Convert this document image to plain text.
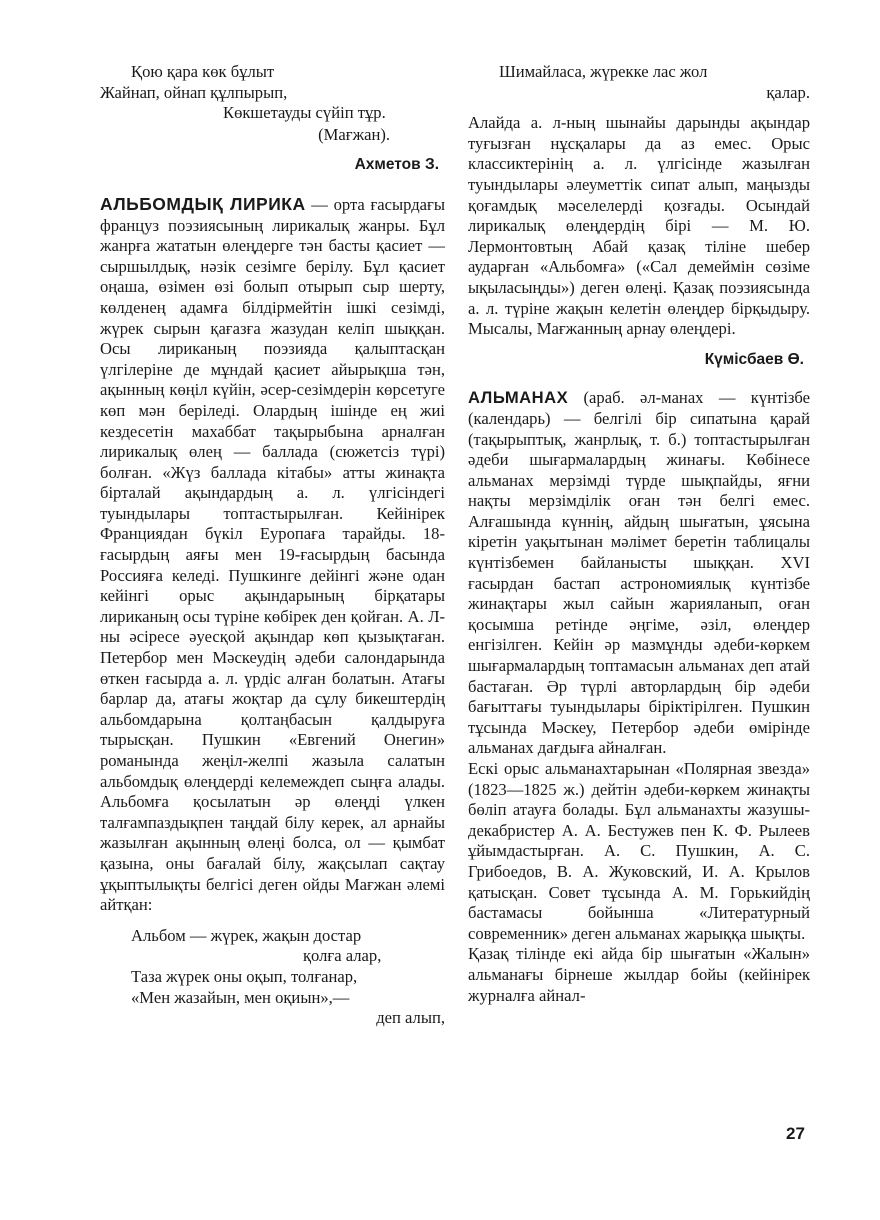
Қою қара көк бұлыт

Жайнап, ойнап құлпырып,

Көкшетауды сүйіп тұр.

(Мағжан).

Ахметов З.

АЛЬБОМДЫҚ ЛИРИКА — орта ғасырдағы француз поэзиясының лирикалық жанры. Бұл жанрға жататын өлеңдерге тән басты қасиет — сыршылдық, нәзік сезімге берілу. Бұл қасиет оңаша, өзімен өзі болып отырып сыр шерту, көлденең адамға білдірмейтін ішкі сезімді, жүрек сырын қағазға жазудан келіп шыққан. Осы лириканың поэзияда қалыптасқан үлгілеріне де мұндай қасиет айырықша тән, ақынның көңіл күйін, әсер-сезімдерін көрсетуге көп мән беріледі. Олардың ішінде ең жиі кездесетін махаббат тақырыбына арналған лирикалық өлең — баллада (сюжетсіз түрі) болған. «Жүз баллада кітабы» атты жинақта бірталай ақындардың а. л. үлгісіндегі туындылары топтастырылған. Кейінірек Франциядан бүкіл Еуропаға тарайды. 18-ғасырдың аяғы мен 19-ғасырдың басында Россияға келеді. Пушкинге дейінгі және одан кейінгі орыс ақындарының бірқатары лириканың осы түріне көбірек ден қойған. А. Л-ны әсіресе әуесқой ақындар көп қызықтаған. Петербор мен Мәскеудің әдеби салондарында өткен ғасырда а. л. үрдіс алған болатын. Атағы барлар да, атағы жоқтар да сұлу бикештердің альбомдарына қолтаңбасын қалдыруға тырысқан. Пушкин «Евгений Онегин» романында жеңіл-желпі жазыла салатын альбомдық өлеңдерді келемеждеп сыңға алады. Альбомға қосылатын әр өлеңді үлкен талғампаздықпен таңдай білу керек, ал арнайы жазылған ақынның өлеңі болса, ол — қымбат қазына, оны бағалай білу, жақсылап сақтау ұқыптылықты белгісі деген ойды Мағжан әлемі айтқан:

Альбом — жүрек, жақын достар

қолға алар,

Таза жүрек оны оқып, толғанар,

«Мен жазайын, мен оқиын»,—

деп алып,

Шимайласа, жүрекке лас жол

қалар.

Алайда а. л-ның шынайы дарынды ақындар туғызған нұсқалары да аз емес. Орыс классиктерінің а. л. үлгісінде жазылған туындылары әлеуметтік сипат алып, маңызды қоғамдық мәселелерді қозғады. Осындай лирикалық өлеңдердің бірі — М. Ю. Лермонтовтың Абай қазақ тіліне шебер аударған «Альбомға» («Сал демеймін сөзіме ықыласыңды») деген өлеңі. Қазақ поэзиясында а. л. түріне жақын келетін өлеңдер бірқыдыру. Мысалы, Мағжанның арнау өлеңдері.

Күмісбаев Ө.

АЛЬМАНАХ (араб. әл-манах — күнтізбе (календарь) — белгілі бір сипатына қарай (тақырыптық, жанрлық, т. б.) топтастырылған әдеби шығармалардың жинағы. Көбінесе альманах мерзімді түрде шықпайды, яғни нақты мерзімділік оған тән белгі емес. Алғашында күннің, айдың шығатын, ұясына кіретін уақытынан мәлімет беретін таблицалы күнтізбемен байланысты шыққан. XVI ғасырдан бастап астрономиялық күнтізбе жинақтары жыл сайын жарияланып, оған қосымша ретінде әңгіме, әзіл, өлеңдер енгізілген. Кейін әр мазмұнды әдеби-көркем шығармалардың топтамасын альманах деп атай бастаған. Әр түрлі авторлардың бір әдеби бағыттағы туындылары біріктірілген. Пушкин тұсында Мәскеу, Петербор әдеби өмірінде альманах дағдыға айналған.

Ескі орыс альманахтарынан «Полярная звезда» (1823—1825 ж.) дейтін әдеби-көркем жинақты бөліп атауға болады. Бұл альманахты жазушы-декабристер А. А. Бестужев пен К. Ф. Рылеев ұйымдастырған. А. С. Пушкин, А. С. Грибоедов, В. А. Жуковский, И. А. Крылов қатысқан. Совет тұсында А. М. Горькийдің бастамасы бойынша «Литературный современник» деген альманах жарыққа шықты.

Қазақ тілінде екі айда бір шығатын «Жалын» альманағы бірнеше жылдар бойы (кейінірек журналға айнал-

27
